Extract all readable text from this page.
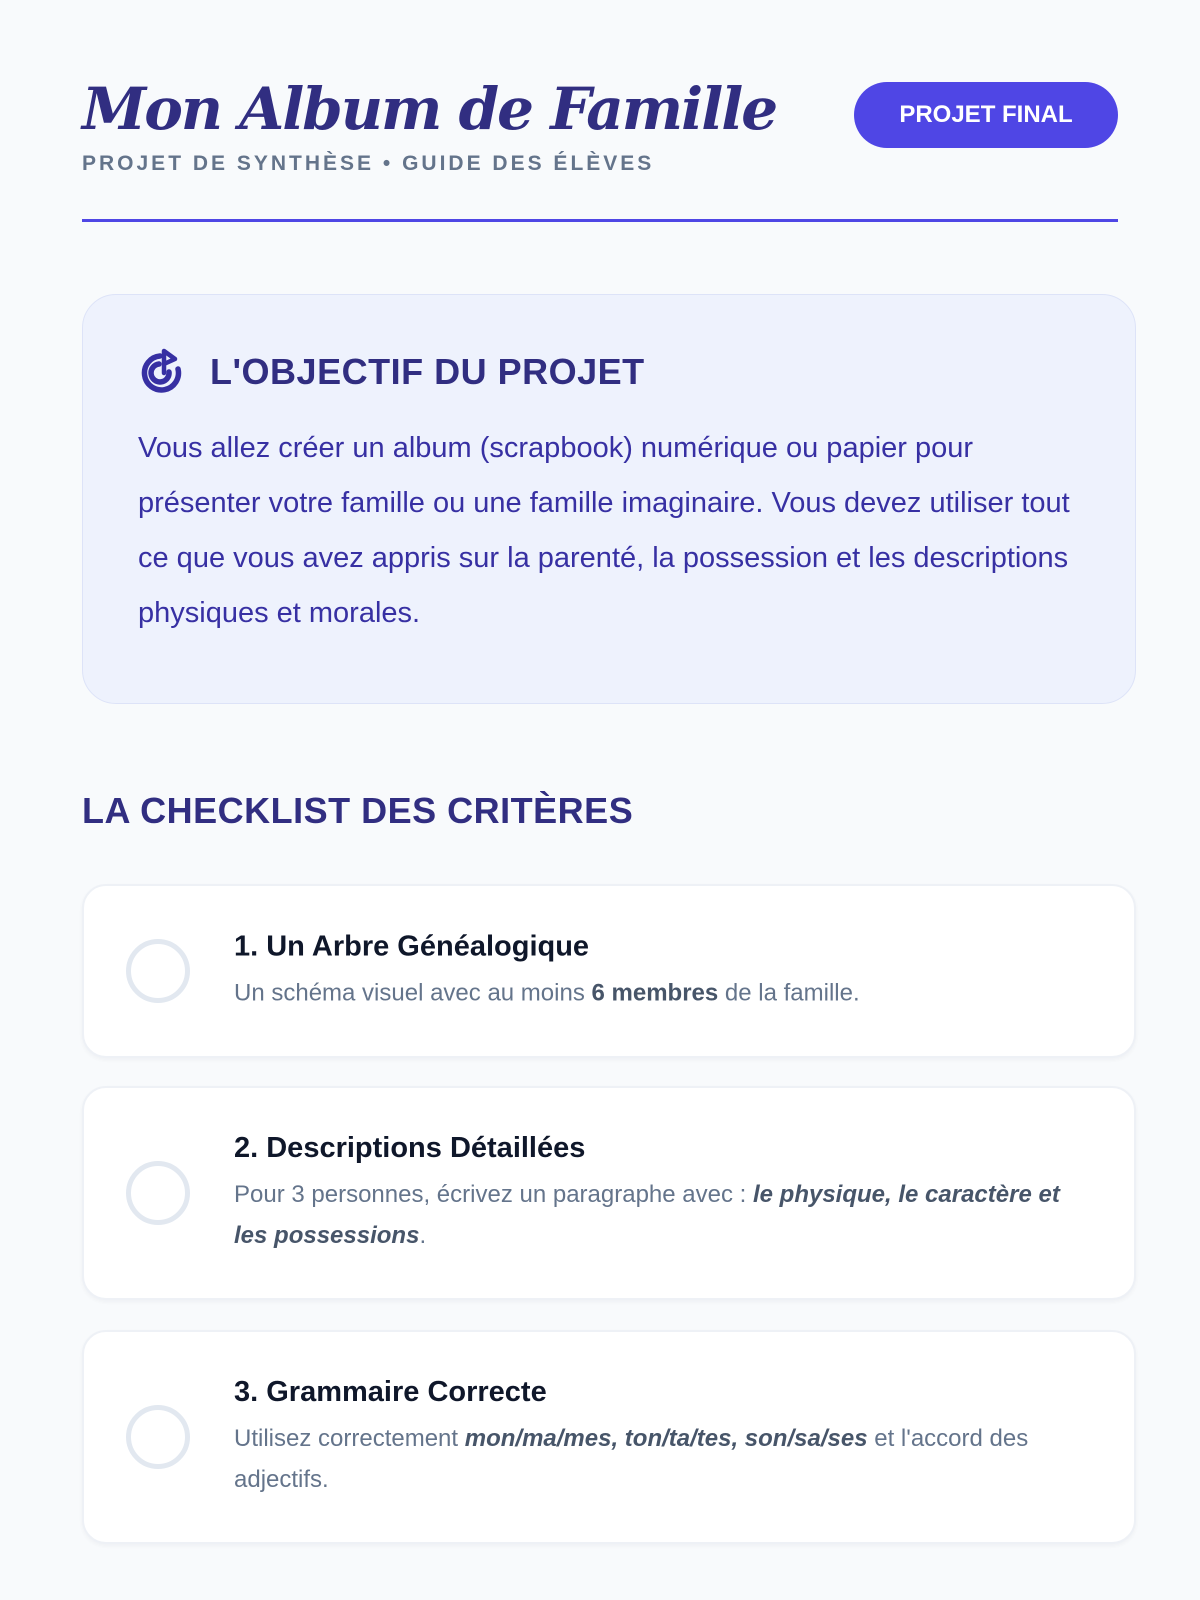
Mon Album de Famille
PROJET DE SYNTHÈSE • GUIDE DES ÉLÈVES
PROJET FINAL
L'OBJECTIF DU PROJET

Vous allez créer un album (scrapbook) numérique ou papier pour présenter votre famille ou une famille imaginaire. Vous devez utiliser tout ce que vous avez appris sur la parenté, la possession et les descriptions physiques et morales.

LA CHECKLIST DES CRITÈRES
1. Un Arbre Généalogique
Un schéma visuel avec au moins 6 membres de la famille.
2. Descriptions Détaillées
Pour 3 personnes, écrivez un paragraphe avec : le physique, le caractère et les possessions.
3. Grammaire Correcte
Utilisez correctement mon/ma/mes, ton/ta/tes, son/sa/ses et l'accord des adjectifs.
